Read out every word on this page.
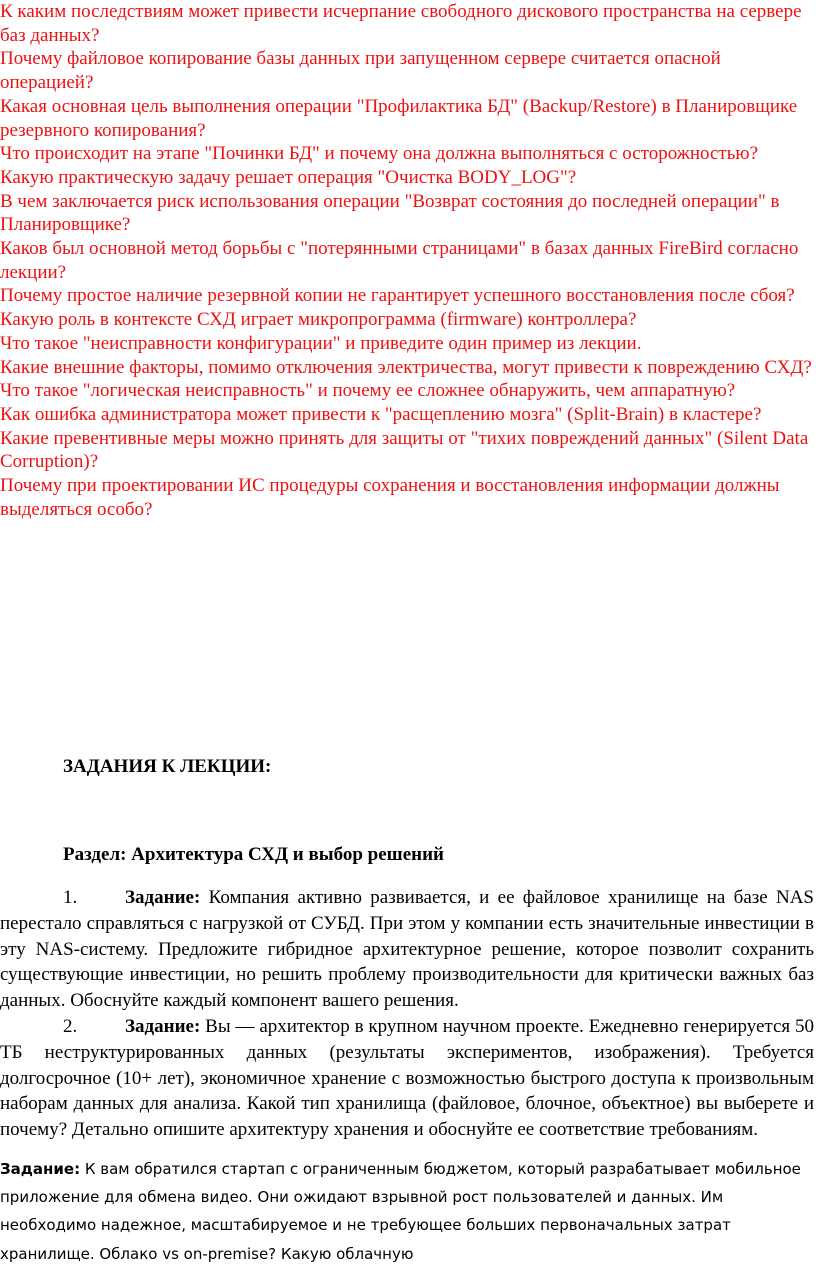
К каким последствиям может привести исчерпание свободного дискового пространства на сервере баз данных?

Почему файловое копирование базы данных при запущенном сервере считается опасной операцией?

Какая основная цель выполнения операции "Профилактика БД" (Backup/Restore) в Планировщике резервного копирования?

Что происходит на этапе "Починки БД" и почему она должна выполняться с осторожностью?

Какую практическую задачу решает операция "Очистка BODY_LOG"?

В чем заключается риск использования операции "Возврат состояния до последней операции" в Планировщике?

Каков был основной метод борьбы с "потерянными страницами" в базах данных FireBird согласно лекции?

Почему простое наличие резервной копии не гарантирует успешного восстановления после сбоя?

Какую роль в контексте СХД играет микропрограмма (firmware) контроллера?

Что такое "неисправности конфигурации" и приведите один пример из лекции.

Какие внешние факторы, помимо отключения электричества, могут привести к повреждению СХД?

Что такое "логическая неисправность" и почему ее сложнее обнаружить, чем аппаратную?

Как ошибка администратора может привести к "расщеплению мозга" (Split-Brain) в кластере?

Какие превентивные меры можно принять для защиты от "тихих повреждений данных" (Silent Data Corruption)?

Почему при проектировании ИС процедуры сохранения и восстановления информации должны выделяться особо?

ЗАДАНИЯ К ЛЕКЦИИ:
Раздел: Архитектура СХД и выбор решений

1.	Задание: Компания активно развивается, и ее файловое хранилище на базе NAS перестало справляться с нагрузкой от СУБД. При этом у компании есть значительные инвестиции в эту NAS-систему. Предложите гибридное архитектурное решение, которое позволит сохранить существующие инвестиции, но решить проблему производительности для критически важных баз данных. Обоснуйте каждый компонент вашего решения.

2.	Задание: Вы — архитектор в крупном научном проекте. Ежедневно генерируется 50 ТБ неструктурированных данных (результаты экспериментов, изображения). Требуется долгосрочное (10+ лет), экономичное хранение с возможностью быстрого доступа к произвольным наборам данных для анализа. Какой тип хранилища (файловое, блочное, объектное) вы выберете и почему? Детально опишите архитектуру хранения и обоснуйте ее соответствие требованиям.

Задание: К вам обратился стартап с ограниченным бюджетом, который разрабатывает мобильное приложение для обмена видео. Они ожидают взрывной рост пользователей и данных. Им необходимо надежное, масштабируемое и не требующее больших первоначальных затрат хранилище. Облако vs on-premise? Какую облачную
